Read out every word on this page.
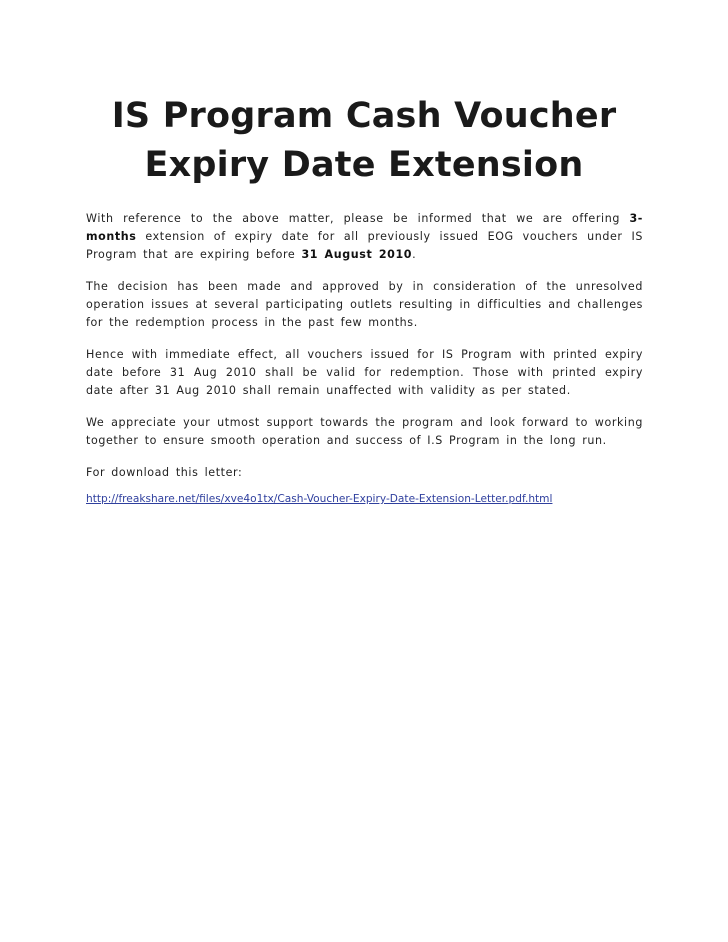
IS Program Cash Voucher
Expiry Date Extension

With reference to the above matter, please be informed that we are offering 3-months extension of expiry date for all previously issued EOG vouchers under IS Program that are expiring before 31 August 2010.

The decision has been made and approved by in consideration of the unresolved operation issues at several participating outlets resulting in difficulties and challenges for the redemption process in the past few months.

Hence with immediate effect, all vouchers issued for IS Program with printed expiry date before 31 Aug 2010 shall be valid for redemption. Those with printed expiry date after 31 Aug 2010 shall remain unaffected with validity as per stated.

We appreciate your utmost support towards the program and look forward to working together to ensure smooth operation and success of I.S Program in the long run.

For download this letter:

http://freakshare.net/files/xve4o1tx/Cash-Voucher-Expiry-Date-Extension-Letter.pdf.html
